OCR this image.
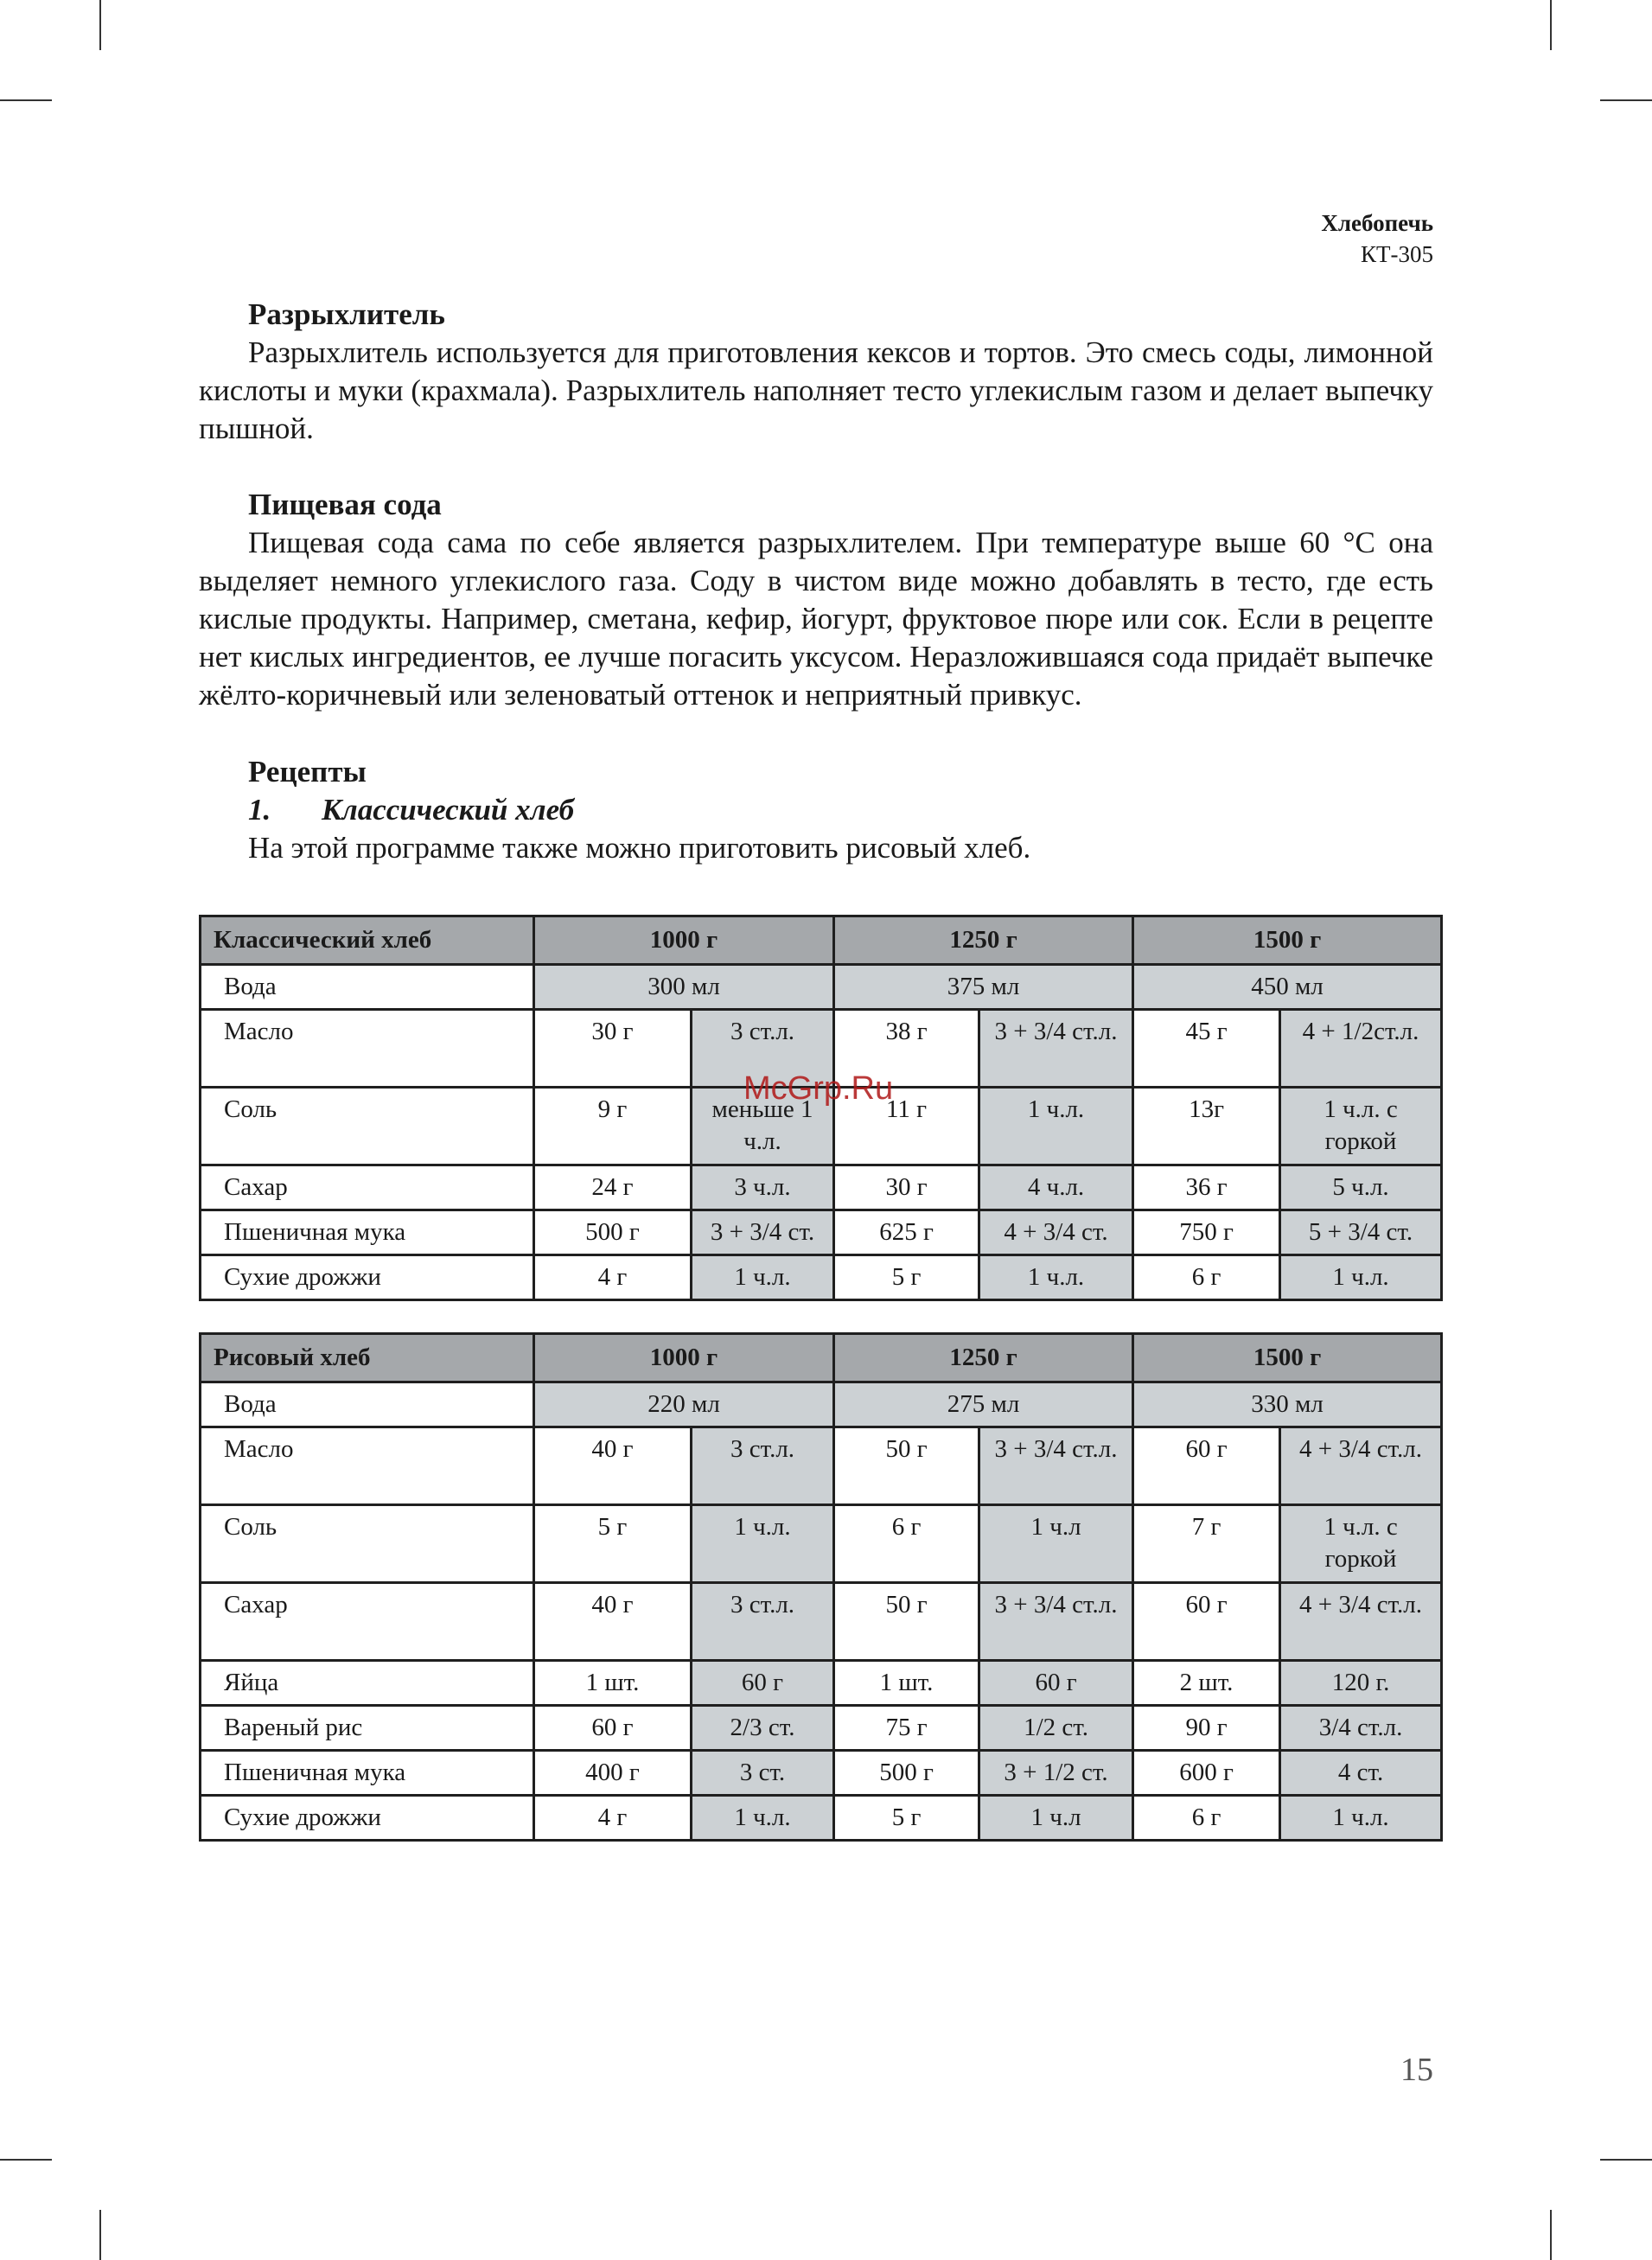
Хлебопечь
КТ-305

Разрыхлитель

Разрыхлитель используется для приготовления кексов и тортов. Это смесь соды, лимонной кислоты и муки (крахмала). Разрыхлитель наполняет тесто углекислым газом и делает выпечку пышной.

Пищевая сода

Пищевая сода сама по себе является разрыхлителем. При температуре выше 60 °С она выделяет немного углекислого газа. Соду в чистом виде можно добавлять в тесто, где есть кислые продукты. Например, сметана, кефир, йогурт, фруктовое пюре или сок. Если в рецепте нет кислых ингредиентов, ее лучше погасить уксусом. Неразложившаяся сода придаёт выпечке жёлто-коричневый или зеленоватый оттенок и неприятный привкус.

Рецепты

1. Классический хлеб

На этой программе также можно приготовить рисовый хлеб.

Классический хлеб	1000 г		1250 г		1500 г	
Вода	300 мл		375 мл		450 мл	
Масло	30 г	3 ст.л.	38 г	3 + 3/4 ст.л.	45 г	4 + 1/2ст.л.
Соль	9 г	меньше 1 ч.л.	11 г	1 ч.л.	13г	1 ч.л. с горкой
Сахар	24 г	3 ч.л.	30 г	4 ч.л.	36 г	5 ч.л.
Пшеничная мука	500 г	3 + 3/4 ст.	625 г	4 + 3/4 ст.	750 г	5 + 3/4 ст.
Сухие дрожжи	4 г	1 ч.л.	5 г	1 ч.л.	6 г	1 ч.л.
Рисовый хлеб	1000 г		1250 г		1500 г	
Вода	220 мл		275 мл		330 мл	
Масло	40 г	3 ст.л.	50 г	3 + 3/4 ст.л.	60 г	4 + 3/4 ст.л.
Соль	5 г	1 ч.л.	6 г	1 ч.л	7 г	1 ч.л. с горкой
Сахар	40 г	3 ст.л.	50 г	3 + 3/4 ст.л.	60 г	4 + 3/4 ст.л.
Яйца	1 шт.	60 г	1 шт.	60 г	2 шт.	120 г.
Вареный рис	60 г	2/3 ст.	75 г	1/2 ст.	90 г	3/4 ст.л.
Пшеничная мука	400 г	3 ст.	500 г	3 + 1/2 ст.	600 г	4 ст.
Сухие дрожжи	4 г	1 ч.л.	5 г	1 ч.л	6 г	1 ч.л.
McGrp.Ru
15
